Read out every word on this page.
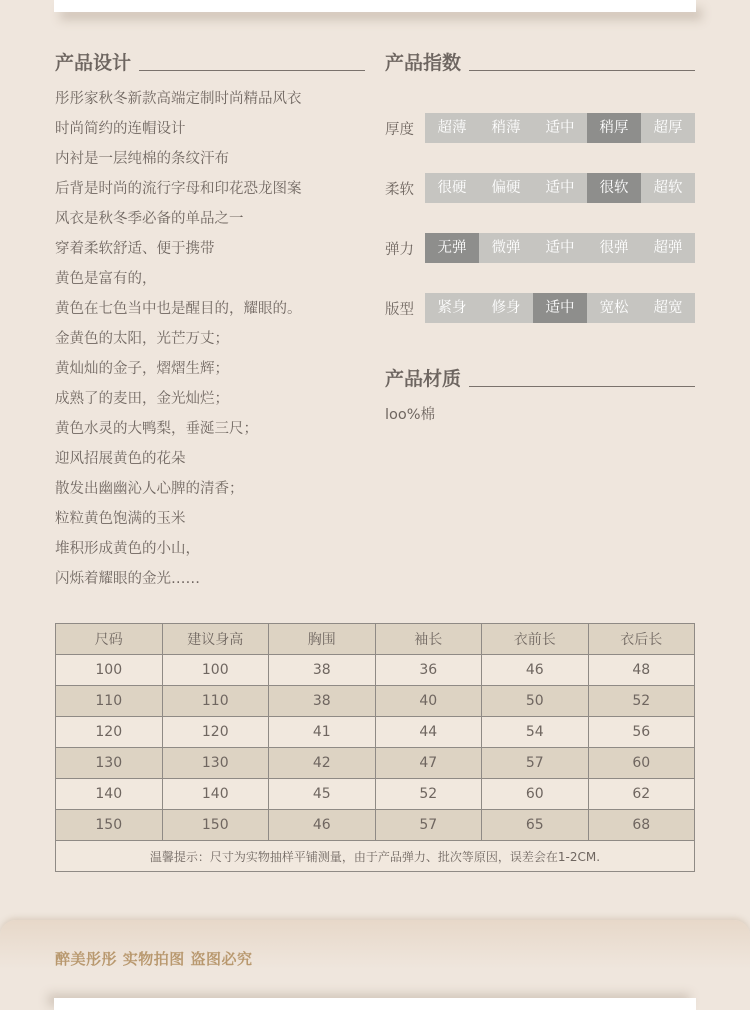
产品设计
彤彤家秋冬新款高端定制时尚精品风衣
时尚简约的连帽设计
内衬是一层纯棉的条纹汗布
后背是时尚的流行字母和印花恐龙图案
风衣是秋冬季必备的单品之一
穿着柔软舒适、便于携带
黄色是富有的，
黄色在七色当中也是醒目的，耀眼的。
金黄色的太阳，光芒万丈；
黄灿灿的金子，熠熠生辉；
成熟了的麦田，金光灿烂；
黄色水灵的大鸭梨，垂涎三尺；
迎风招展黄色的花朵
散发出幽幽沁人心脾的清香；
粒粒黄色饱满的玉米
堆积形成黄色的小山，
闪烁着耀眼的金光……
产品指数
厚度	超薄	稍薄	适中	稍厚	超厚
柔软	很硬	偏硬	适中	很软	超软
弹力	无弹	微弹	适中	很弹	超弹
版型	紧身	修身	适中	宽松	超宽
产品材质
loo%棉
尺码	建议身高	胸围	袖长	衣前长	衣后长
100	100	38	36	46	48
110	110	38	40	50	52
120	120	41	44	54	56
130	130	42	47	57	60
140	140	45	52	60	62
150	150	46	57	65	68
温馨提示：尺寸为实物抽样平铺测量，由于产品弹力、批次等原因，误差会在1-2CM.					
醉美彤彤 实物拍图 盗图必究
